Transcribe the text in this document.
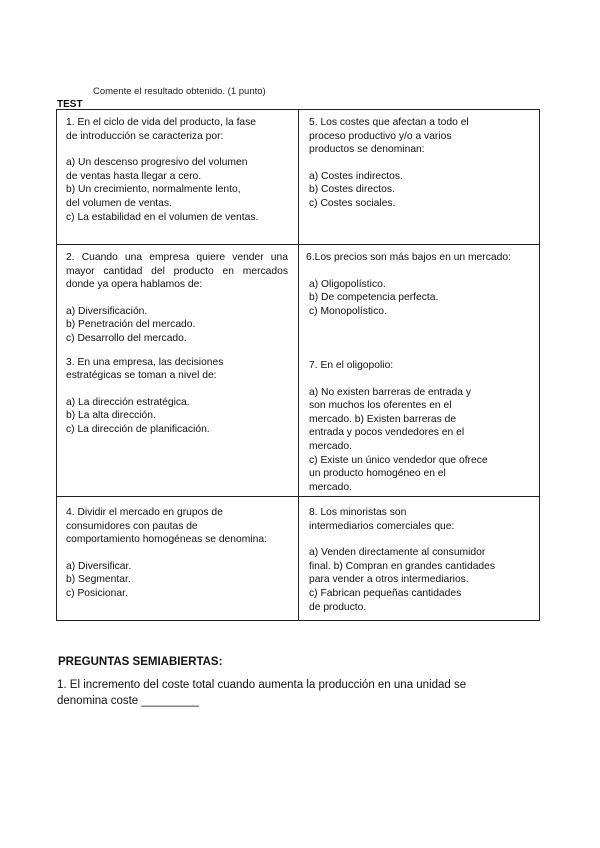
Comente el resultado obtenido. (1 punto)
TEST

1. En el ciclo de vida del producto, la fase
de introducción se caracteriza por:

a) Un descenso progresivo del volumen
de ventas hasta llegar a cero.
b) Un crecimiento, normalmente lento,
del volumen de ventas.
c) La estabilidad en el volumen de ventas.

5. Los costes que afectan a todo el
proceso productivo y/o a varios
productos se denominan:

a) Costes indirectos.
b) Costes directos.
c) Costes sociales.

2. Cuando una empresa quiere vender una mayor cantidad del producto en mercados donde ya opera hablamos de:

a) Diversificación.
b) Penetración del mercado.
c) Desarrollo del mercado.

3. En una empresa, las decisiones
estratégicas se toman a nivel de:

a) La dirección estratégica.
b) La alta dirección.
c) La dirección de planificación.

6.Los precios son más bajos en un mercado:

a) Oligopolístico.
b) De competencia perfecta.
c) Monopolístico.

7. En el oligopolio:

a) No existen barreras de entrada y
son muchos los oferentes en el
mercado. b) Existen barreras de
entrada y pocos vendedores en el
mercado.
c) Existe un único vendedor que ofrece
un producto homogéneo en el
mercado.

4. Dividir el mercado en grupos de
consumidores con pautas de
comportamiento homogéneas se denomina:

a) Diversificar.
b) Segmentar.
c) Posicionar.

8. Los minoristas son
intermediarios comerciales que:

a) Venden directamente al consumidor
final. b) Compran en grandes cantidades
para vender a otros intermediarios.
c) Fabrican pequeñas cantidades
de producto.

PREGUNTAS SEMIABIERTAS:
1. El incremento del coste total cuando aumenta la producción en una unidad se
denomina coste _________
